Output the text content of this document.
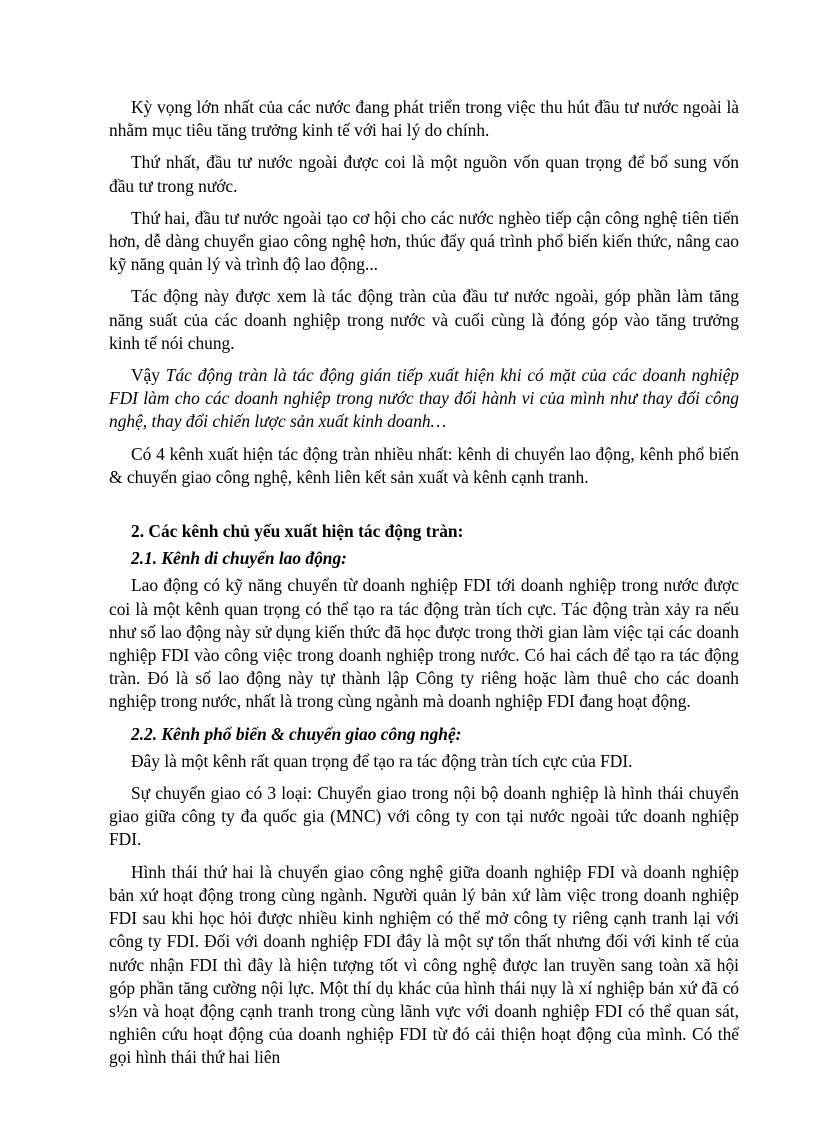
Kỳ vọng lớn nhất của các nước đang phát triển trong việc thu hút đầu tư nước ngoài là nhằm mục tiêu tăng trưởng kinh tế với hai lý do chính.

Thứ nhất, đầu tư nước ngoài được coi là một nguồn vốn quan trọng để bổ sung vốn đầu tư trong nước.

Thứ hai, đầu tư nước ngoài tạo cơ hội cho các nước nghèo tiếp cận công nghệ tiên tiến hơn, dễ dàng chuyển giao công nghệ hơn, thúc đẩy quá trình phổ biến kiến thức, nâng cao kỹ năng quản lý và trình độ lao động...

Tác động này được xem là tác động tràn của đầu tư nước ngoài, góp phần làm tăng năng suất của các doanh nghiệp trong nước và cuối cùng là đóng góp vào tăng trưởng kinh tế nói chung.

Vậy Tác động tràn là tác động gián tiếp xuất hiện khi có mặt của các doanh nghiệp FDI làm cho các doanh nghiệp trong nước thay đổi hành vi của mình như thay đổi công nghệ, thay đổi chiến lược sản xuất kinh doanh…

Có 4 kênh xuất hiện tác động tràn nhiều nhất: kênh di chuyển lao động, kênh phổ biến & chuyển giao công nghệ, kênh liên kết sản xuất và kênh cạnh tranh.

2. Các kênh chủ yếu xuất hiện tác động tràn:
2.1. Kênh di chuyển lao động:

Lao động có kỹ năng chuyển từ doanh nghiệp FDI tới doanh nghiệp trong nước được coi là một kênh quan trọng có thể tạo ra tác động tràn tích cực. Tác động tràn xảy ra nếu như số lao động này sử dụng kiến thức đã học được trong thời gian làm việc tại các doanh nghiệp FDI vào công việc trong doanh nghiệp trong nước. Có hai cách để tạo ra tác động tràn. Đó là số lao động này tự thành lập Công ty riêng hoặc làm thuê cho các doanh nghiệp trong nước, nhất là trong cùng ngành mà doanh nghiệp FDI đang hoạt động.

2.2. Kênh phổ biến & chuyển giao công nghệ:

Đây là một kênh rất quan trọng để tạo ra tác động tràn tích cực của FDI.

Sự chuyển giao có 3 loại: Chuyển giao trong nội bộ doanh nghiệp là hình thái chuyển giao giữa công ty đa quốc gia (MNC) với công ty con tại nước ngoài tức doanh nghiệp FDI.

Hình thái thứ hai là chuyển giao công nghệ giữa doanh nghiệp FDI và doanh nghiệp bản xứ hoạt động trong cùng ngành. Người quản lý bản xứ làm việc trong doanh nghiệp FDI sau khi học hỏi được nhiều kinh nghiệm có thể mở công ty riêng cạnh tranh lại với công ty FDI. Đối với doanh nghiệp FDI đây là một sự tổn thất nhưng đối với kinh tế của nước nhận FDI thì đây là hiện tượng tốt vì công nghệ được lan truyền sang toàn xã hội góp phần tăng cường nội lực. Một thí dụ khác của hình thái nụy là xí nghiệp bản xứ đã có s½n và hoạt động cạnh tranh trong cùng lãnh vực với doanh nghiệp FDI có thể quan sát, nghiên cứu hoạt động của doanh nghiệp FDI từ đó cải thiện hoạt động của mình. Có thể gọi hình thái thứ hai liên
